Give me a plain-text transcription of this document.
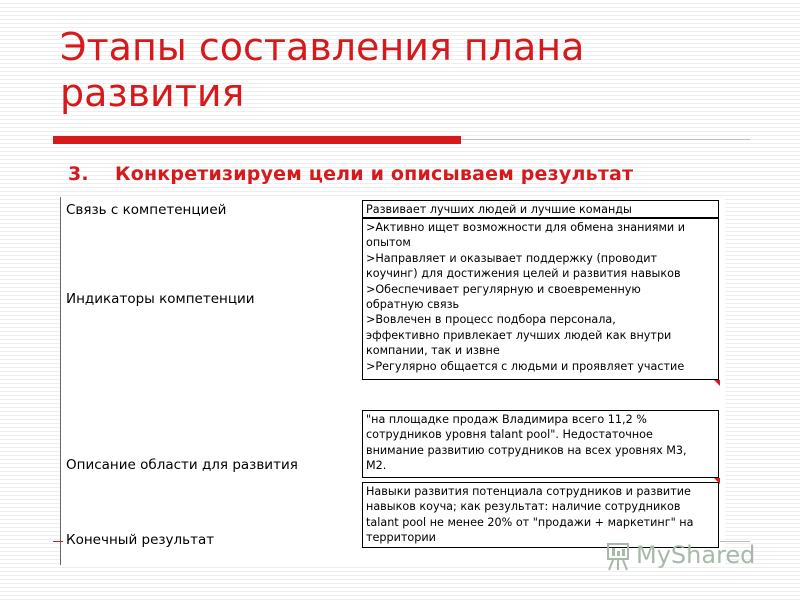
Этапы составления плана развития
3. Конкретизируем цели и описываем результат
Связь с компетенцией	Развивает лучших людей и лучшие команды
Индикаторы компетенции
>Активно ищет возможности для обмена знаниями и
опытом
>Направляет и оказывает поддержку (проводит
коучинг) для достижения целей и развития навыков
>Обеспечивает регулярную и своевременную
обратную связь
>Вовлечен в процесс подбора персонала,
эффективно привлекает лучших людей как внутри
компании, так и извне
>Регулярно общается с людьми и проявляет участие
Описание области для развития
"на площадке продаж Владимира всего 11,2 %
сотрудников уровня talant pool". Недостаточное
внимание развитию сотрудников на всех уровнях М3,
М2.
Конечный результат
Навыки развития потенциала сотрудников и развитие
навыков коуча; как результат: наличие сотрудников
talant pool не менее 20% от "продажи + маркетинг" на
территории
MyShared
